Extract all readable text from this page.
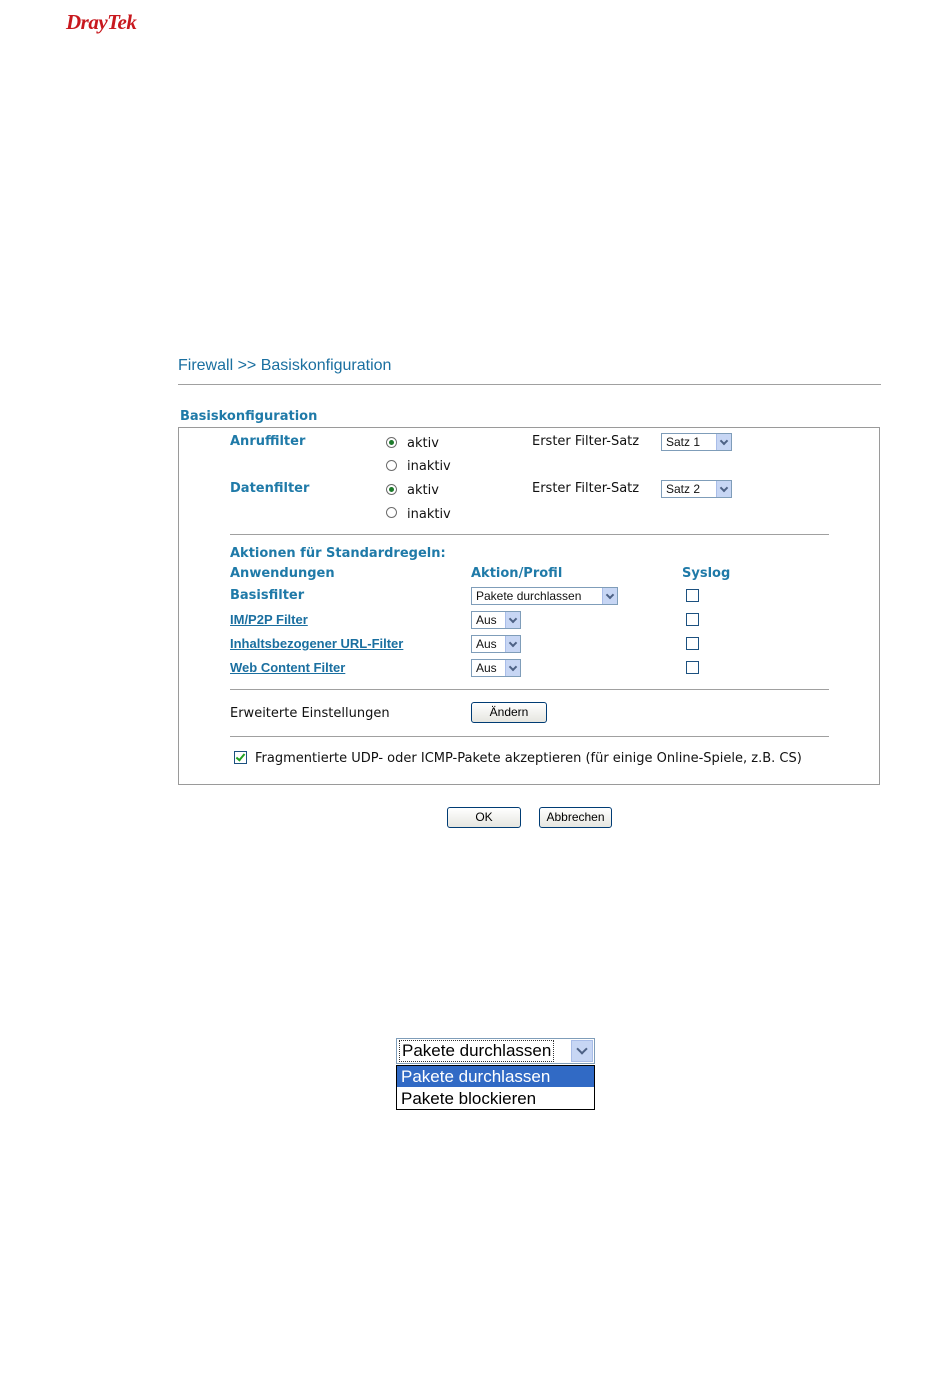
DrayTek
Firewall >> Basiskonfiguration
Basiskonfiguration
Anruffilter	aktiv
inaktiv
Erster Filter-Satz Satz 1
Datenfilter	aktiv
inaktiv
Erster Filter-Satz Satz 2
Aktionen für Standardregeln:
Anwendungen	Aktion/Profil	Syslog
Basisfilter	Pakete durchlassen
IM/P2P Filter	Aus
Inhaltsbezogener URL-Filter	Aus
Web Content Filter	Aus
Erweiterte Einstellungen	Ändern
Fragmentierte UDP- oder ICMP-Pakete akzeptieren (für einige Online-Spiele, z.B. CS)
OK	Abbrechen
Pakete durchlassen
Pakete durchlassen
Pakete blockieren
